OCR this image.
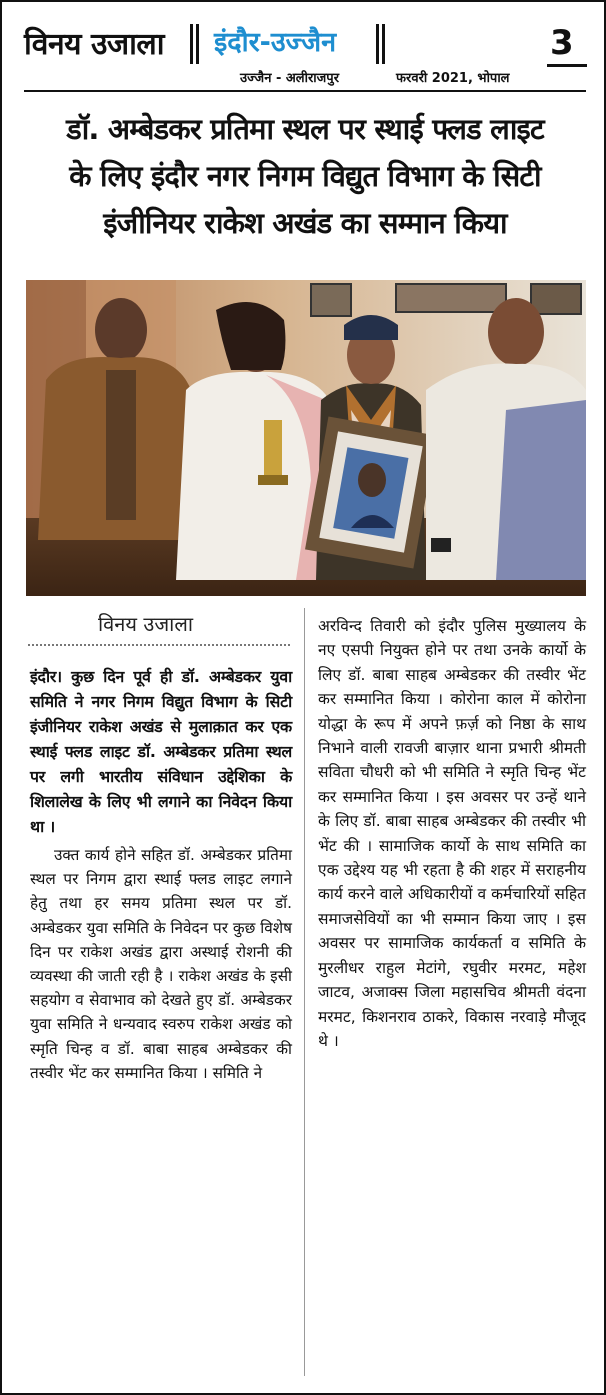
विनय उजाला इंदौर-उज्जैन	3
उज्जैन - अलीराजपुर	फरवरी 2021, भोपाल
डॉ. अम्बेडकर प्रतिमा स्थल पर स्थाई फ्लड लाइट
के लिए इंदौर नगर निगम विद्युत विभाग के सिटी
इंजीनियर राकेश अखंड का सम्मान किया
विनय उजाला

इंदौर। कुछ दिन पूर्व ही डॉ. अम्बेडकर युवा समिति ने नगर निगम विद्युत विभाग के सिटी इंजीनियर राकेश अखंड से मुलाक़ात कर एक स्थाई फ्लड लाइट डॉ. अम्बेडकर प्रतिमा स्थल पर लगी भारतीय संविधान उद्देशिका के शिलालेख के लिए भी लगाने का निवेदन किया था ।

उक्त कार्य होने सहित डॉ. अम्बेडकर प्रतिमा स्थल पर निगम द्वारा स्थाई फ्लड लाइट लगाने हेतु तथा हर समय प्रतिमा स्थल पर डॉ. अम्बेडकर युवा समिति के निवेदन पर कुछ विशेष दिन पर राकेश अखंड द्वारा अस्थाई रोशनी की व्यवस्था की जाती रही है । राकेश अखंड के इसी सहयोग व सेवाभाव को देखते हुए डॉ. अम्बेडकर युवा समिति ने धन्यवाद स्वरुप राकेश अखंड को स्मृति चिन्ह व डॉ. बाबा साहब अम्बेडकर की तस्वीर भेंट कर सम्मानित किया । समिति ने

अरविन्द तिवारी को इंदौर पुलिस मुख्यालय के नए एसपी नियुक्त होने पर तथा उनके कार्यो के लिए डॉ. बाबा साहब अम्बेडकर की तस्वीर भेंट कर सम्मानित किया । कोरोना काल में कोरोना योद्धा के रूप में अपने फ़र्ज़ को निष्ठा के साथ निभाने वाली रावजी बाज़ार थाना प्रभारी श्रीमती सविता चौधरी को भी समिति ने स्मृति चिन्ह भेंट कर सम्मानित किया । इस अवसर पर उन्हें थाने के लिए डॉ. बाबा साहब अम्बेडकर की तस्वीर भी भेंट की । सामाजिक कार्यो के साथ समिति का एक उद्देश्य यह भी रहता है की शहर में सराहनीय कार्य करने वाले अधिकारीयों व कर्मचारियों सहित समाजसेवियों का भी सम्मान किया जाए । इस अवसर पर सामाजिक कार्यकर्ता व समिति के मुरलीधर राहुल मेटांगे, रघुवीर मरमट, महेश जाटव, अजाक्स जिला महासचिव श्रीमती वंदना मरमट, किशनराव ठाकरे, विकास नरवाड़े मौजूद थे ।
